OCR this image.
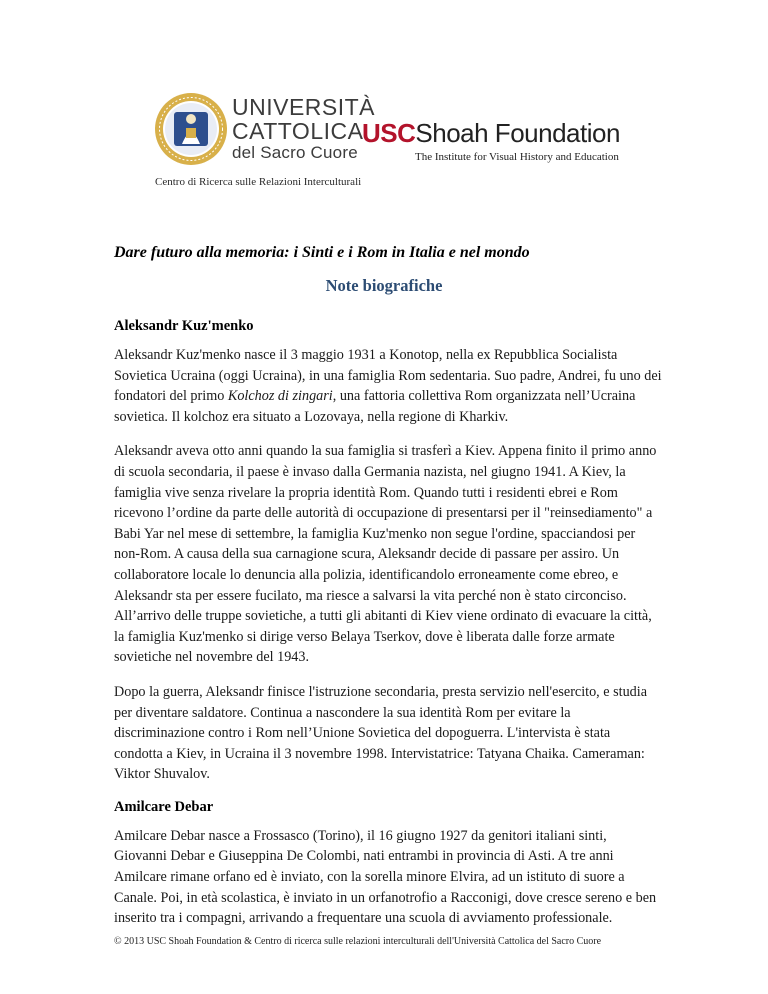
UNIVERSITÀ
CATTOLICA
del Sacro Cuore
Centro di Ricerca sulle Relazioni Interculturali
USCShoah Foundation
The Institute for Visual History and Education
Dare futuro alla memoria: i Sinti e i Rom in Italia e nel mondo
Note biografiche

Aleksandr Kuz'menko

Aleksandr Kuz'menko nasce il 3 maggio 1931 a Konotop, nella ex Repubblica Socialista Sovietica Ucraina (oggi Ucraina), in una famiglia Rom sedentaria. Suo padre, Andrei, fu uno dei fondatori del primo Kolchoz di zingari, una fattoria collettiva Rom organizzata nell’Ucraina sovietica. Il kolchoz era situato a Lozovaya, nella regione di Kharkiv.

Aleksandr aveva otto anni quando la sua famiglia si trasferì a Kiev. Appena finito il primo anno di scuola secondaria, il paese è invaso dalla Germania nazista, nel giugno 1941. A Kiev, la famiglia vive senza rivelare la propria identità Rom. Quando tutti i residenti ebrei e Rom ricevono l’ordine da parte delle autorità di occupazione di presentarsi per il "reinsediamento" a Babi Yar nel mese di settembre, la famiglia Kuz'menko non segue l'ordine, spacciandosi per non-Rom. A causa della sua carnagione scura, Aleksandr decide di passare per assiro. Un collaboratore locale lo denuncia alla polizia, identificandolo erroneamente come ebreo, e Aleksandr sta per essere fucilato, ma riesce a salvarsi la vita perché non è stato circonciso. All’arrivo delle truppe sovietiche, a tutti gli abitanti di Kiev viene ordinato di evacuare la città, la famiglia Kuz'menko si dirige verso Belaya Tserkov, dove è liberata dalle forze armate sovietiche nel novembre del 1943.

Dopo la guerra, Aleksandr finisce l'istruzione secondaria, presta servizio nell'esercito, e studia per diventare saldatore. Continua a nascondere la sua identità Rom per evitare la discriminazione contro i Rom nell’Unione Sovietica del dopoguerra. L'intervista è stata condotta a Kiev, in Ucraina il 3 novembre 1998. Intervistatrice: Tatyana Chaika. Cameraman: Viktor Shuvalov.

Amilcare Debar

Amilcare Debar nasce a Frossasco (Torino), il 16 giugno 1927 da genitori italiani sinti, Giovanni Debar e Giuseppina De Colombi, nati entrambi in provincia di Asti. A tre anni Amilcare rimane orfano ed è inviato, con la sorella minore Elvira, ad un istituto di suore a Canale. Poi, in età scolastica, è inviato in un orfanotrofio a Racconigi, dove cresce sereno e ben inserito tra i compagni, arrivando a frequentare una scuola di avviamento professionale.

© 2013 USC Shoah Foundation & Centro di ricerca sulle relazioni interculturali dell'Università Cattolica del Sacro Cuore
